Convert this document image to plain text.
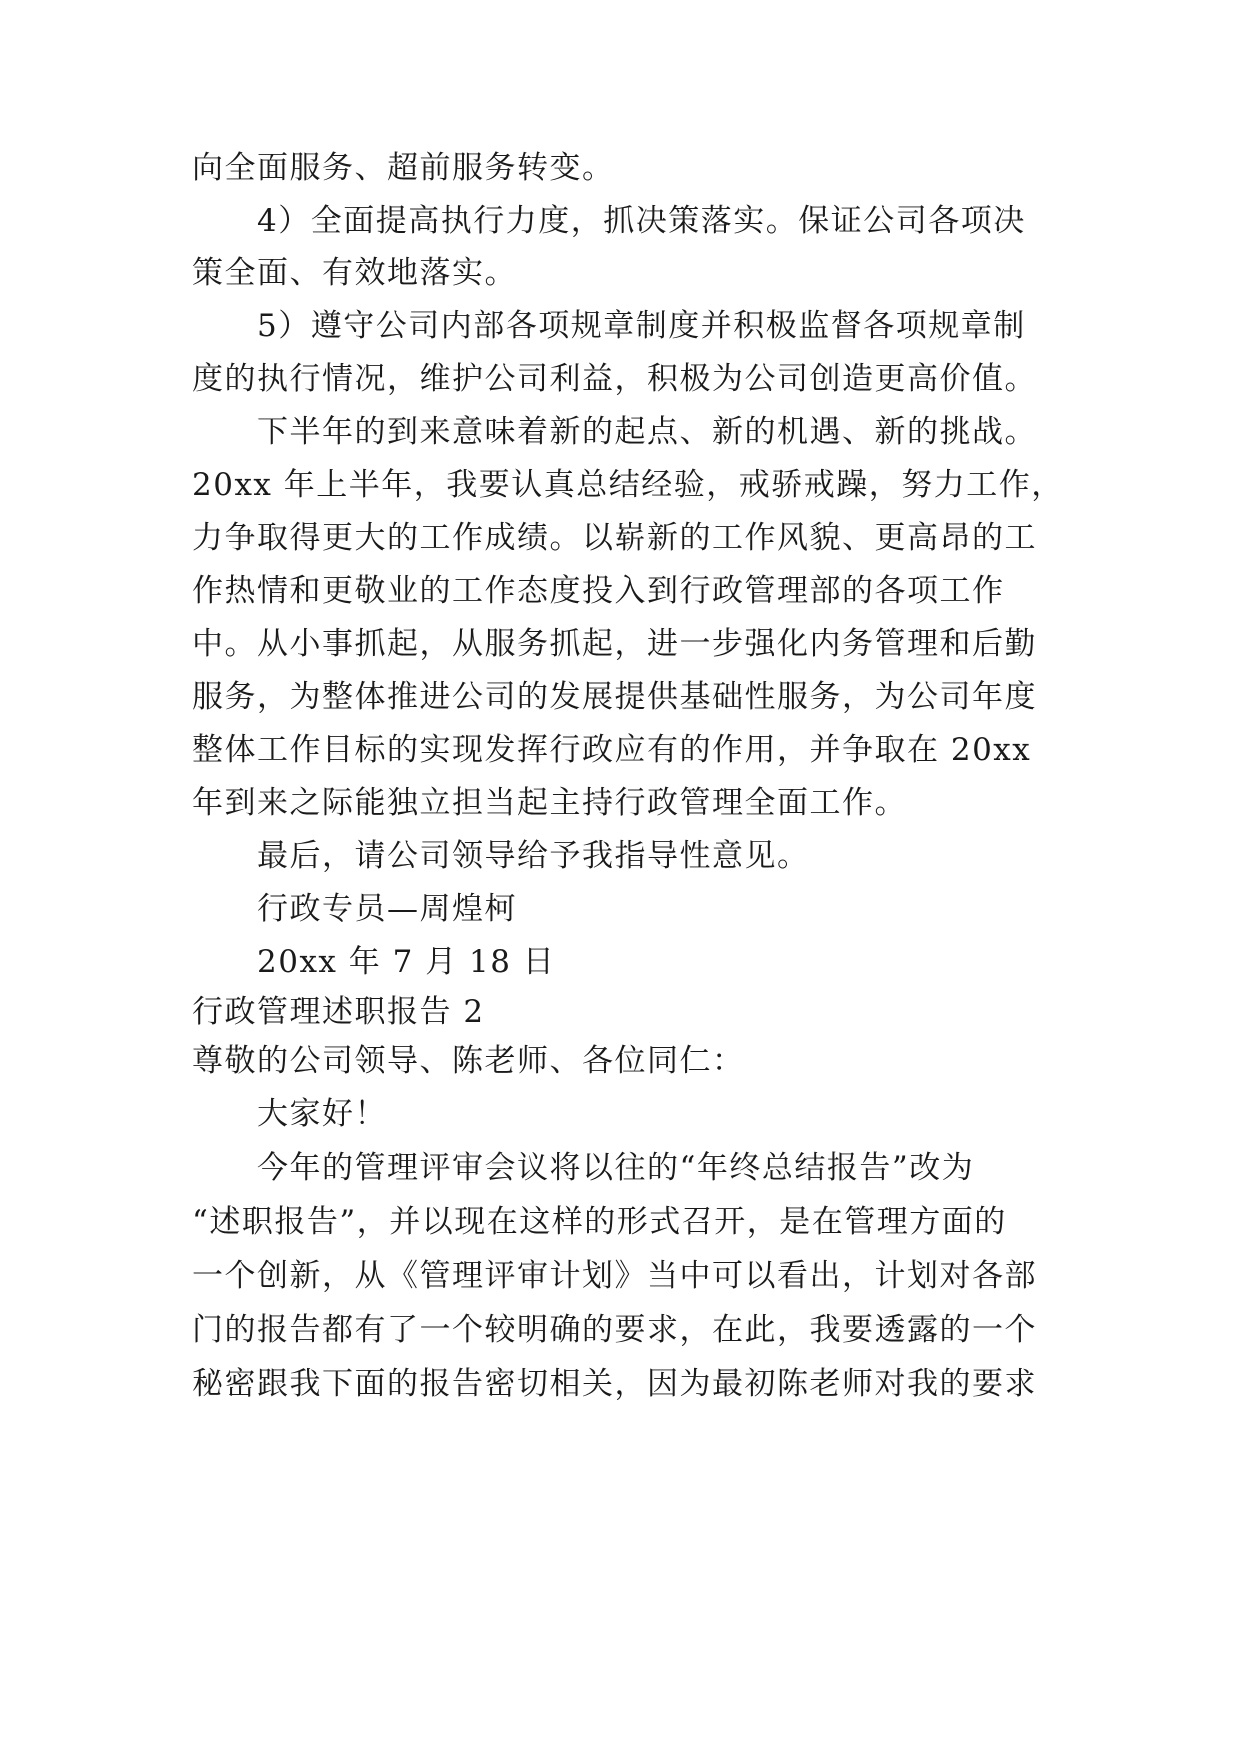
向全面服务、超前服务转变。

4）全面提高执行力度，抓决策落实。保证公司各项决

策全面、有效地落实。

5）遵守公司内部各项规章制度并积极监督各项规章制

度的执行情况，维护公司利益，积极为公司创造更高价值。

下半年的到来意味着新的起点、新的机遇、新的挑战。

20xx 年上半年，我要认真总结经验，戒骄戒躁，努力工作，

力争取得更大的工作成绩。以崭新的工作风貌、更高昂的工

作热情和更敬业的工作态度投入到行政管理部的各项工作

中。从小事抓起，从服务抓起，进一步强化内务管理和后勤

服务，为整体推进公司的发展提供基础性服务，为公司年度

整体工作目标的实现发挥行政应有的作用，并争取在 20xx

年到来之际能独立担当起主持行政管理全面工作。

最后，请公司领导给予我指导性意见。

行政专员—周煌柯

20xx 年 7 月 18 日

行政管理述职报告 2

尊敬的公司领导、陈老师、各位同仁：

大家好！

今年的管理评审会议将以往的“年终总结报告”改为

“述职报告”，并以现在这样的形式召开，是在管理方面的

一个创新，从《管理评审计划》当中可以看出，计划对各部

门的报告都有了一个较明确的要求，在此，我要透露的一个

秘密跟我下面的报告密切相关，因为最初陈老师对我的要求
